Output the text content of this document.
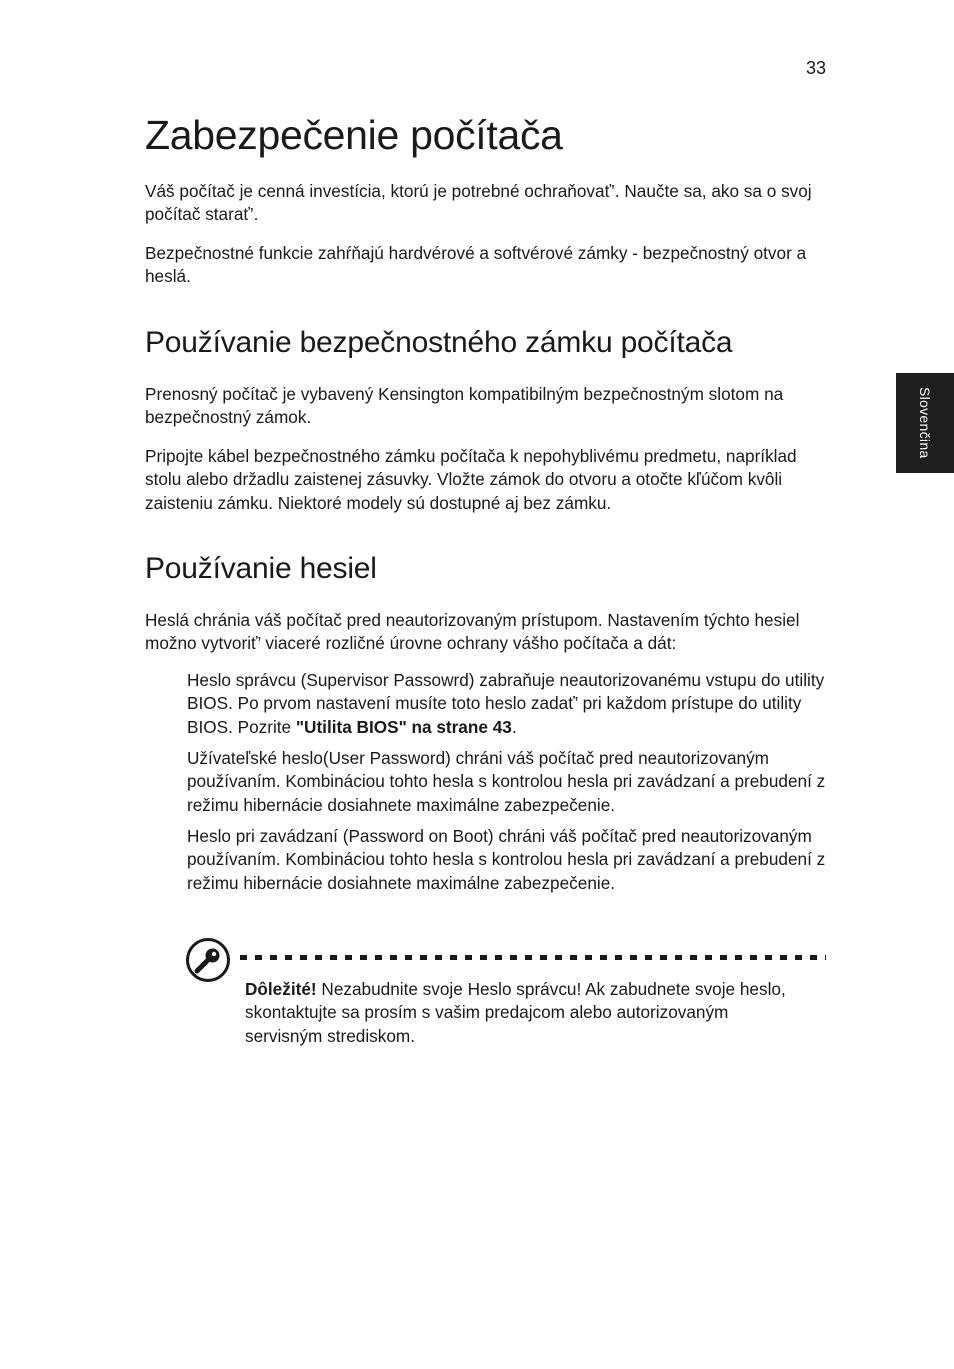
33
Slovenčina
Zabezpečenie počítača

Váš počítač je cenná investícia, ktorú je potrebné ochraňovať’. Naučte sa, ako sa o svoj počítač starať’.

Bezpečnostné funkcie zahŕňajú hardvérové a softvérové zámky - bezpečnostný otvor a heslá.

Používanie bezpečnostného zámku počítača

Prenosný počítač je vybavený Kensington kompatibilným bezpečnostným slotom na bezpečnostný zámok.

Pripojte kábel bezpečnostného zámku počítača k nepohyblivému predmetu, napríklad stolu alebo držadlu zaistenej zásuvky. Vložte zámok do otvoru a otočte kľúčom kvôli zaisteniu zámku. Niektoré modely sú dostupné aj bez zámku.

Používanie hesiel

Heslá chránia váš počítač pred neautorizovaným prístupom. Nastavením týchto hesiel možno vytvoriť’ viaceré rozličné úrovne ochrany vášho počítača a dát:

Heslo správcu (Supervisor Passowrd) zabraňuje neautorizovanému vstupu do utility BIOS. Po prvom nastavení musíte toto heslo zadať’ pri každom prístupe do utility BIOS. Pozrite "Utilita BIOS" na strane 43.

Užívateľské heslo(User Password) chráni váš počítač pred neautorizovaným používaním. Kombináciou tohto hesla s kontrolou hesla pri zavádzaní a prebudení z režimu hibernácie dosiahnete maximálne zabezpečenie.

Heslo pri zavádzaní (Password on Boot) chráni váš počítač pred neautorizovaným používaním. Kombináciou tohto hesla s kontrolou hesla pri zavádzaní a prebudení z režimu hibernácie dosiahnete maximálne zabezpečenie.

Dôležité! Nezabudnite svoje Heslo správcu! Ak zabudnete svoje heslo, skontaktujte sa prosím s vašim predajcom alebo autorizovaným servisným strediskom.
